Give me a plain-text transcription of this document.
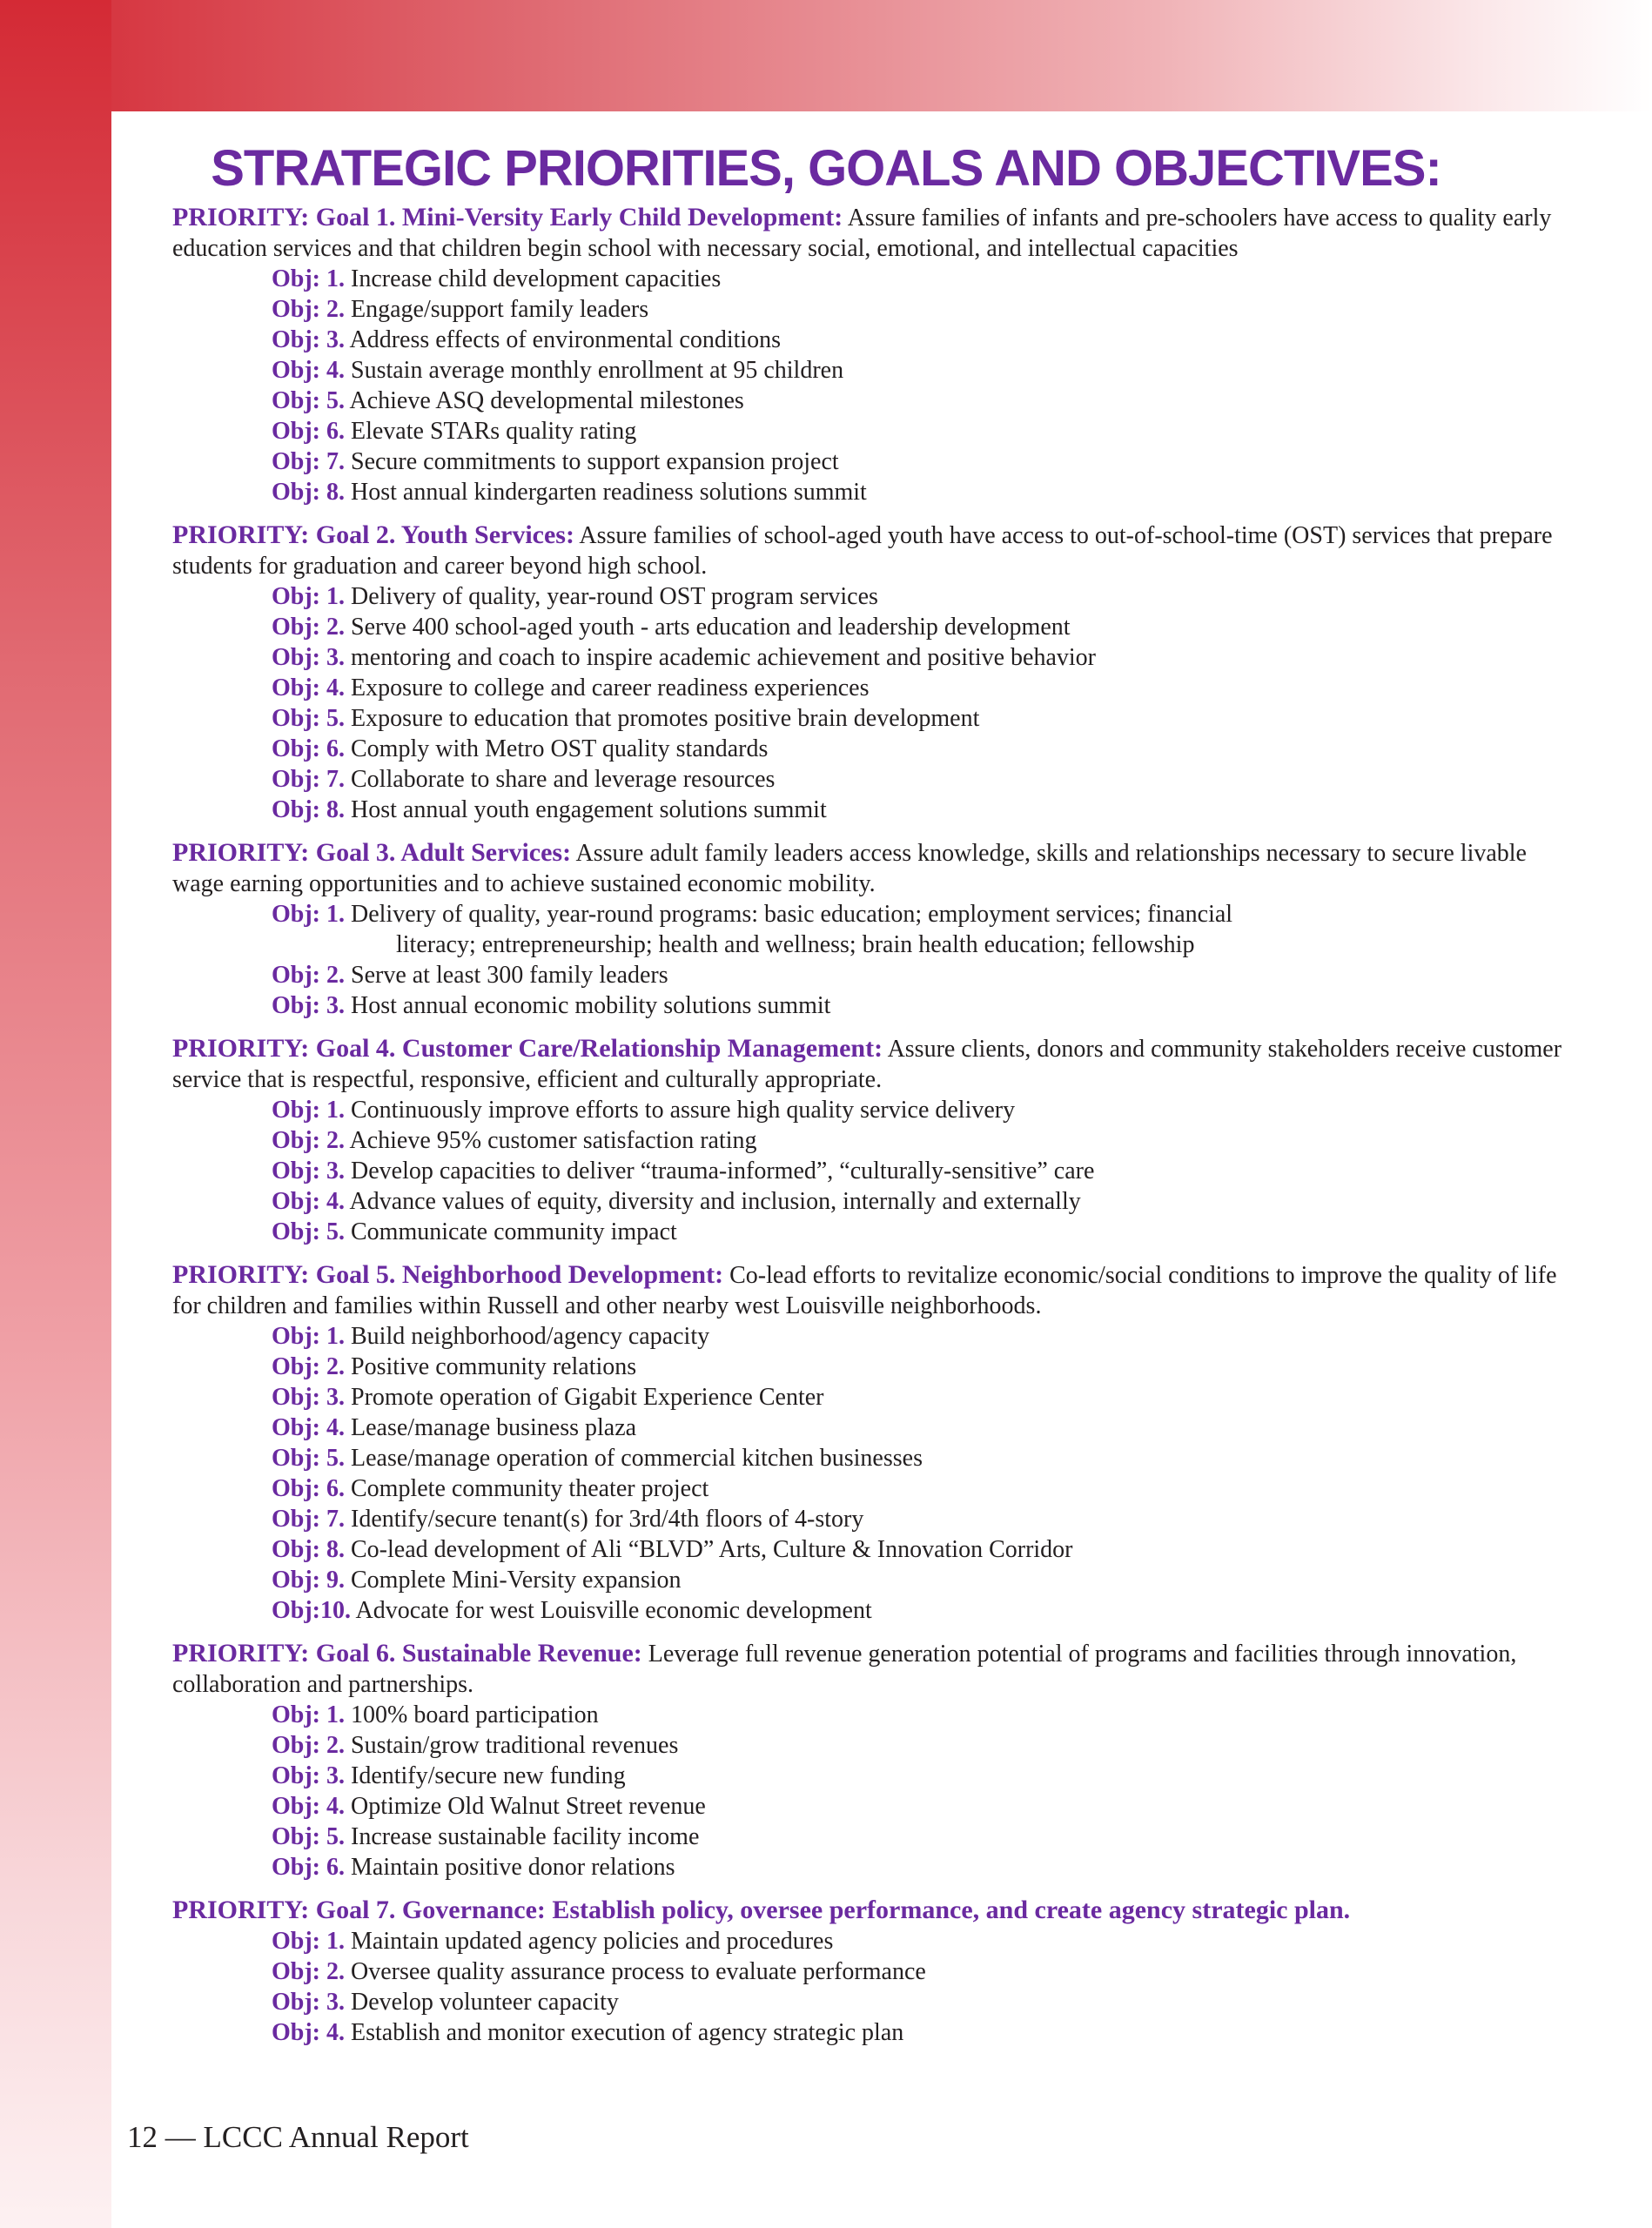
STRATEGIC PRIORITIES, GOALS AND OBJECTIVES:
PRIORITY: Goal 1. Mini-Versity Early Child Development: Assure families of infants and pre-schoolers have access to quality early education services and that children begin school with necessary social, emotional, and intellectual capacities
Obj: 1. Increase child development capacities
Obj: 2. Engage/support family leaders
Obj: 3. Address effects of environmental conditions
Obj: 4. Sustain average monthly enrollment at 95 children
Obj: 5. Achieve ASQ developmental milestones
Obj: 6. Elevate STARs quality rating
Obj: 7. Secure commitments to support expansion project
Obj: 8. Host annual kindergarten readiness solutions summit
PRIORITY: Goal 2. Youth Services: Assure families of school-aged youth have access to out-of-school-time (OST) services that prepare students for graduation and career beyond high school.
Obj: 1. Delivery of quality, year-round OST program services
Obj: 2. Serve 400 school-aged youth - arts education and leadership development
Obj: 3. mentoring and coach to inspire academic achievement and positive behavior
Obj: 4. Exposure to college and career readiness experiences
Obj: 5. Exposure to education that promotes positive brain development
Obj: 6. Comply with Metro OST quality standards
Obj: 7. Collaborate to share and leverage resources
Obj: 8. Host annual youth engagement solutions summit
PRIORITY: Goal 3. Adult Services: Assure adult family leaders access knowledge, skills and relationships necessary to secure livable wage earning opportunities and to achieve sustained economic mobility.
Obj: 1. Delivery of quality, year-round programs: basic education; employment services; financial
literacy; entrepreneurship; health and wellness; brain health education; fellowship
Obj: 2. Serve at least 300 family leaders
Obj: 3. Host annual economic mobility solutions summit
PRIORITY: Goal 4. Customer Care/Relationship Management: Assure clients, donors and community stakeholders receive customer service that is respectful, responsive, efficient and culturally appropriate.
Obj: 1. Continuously improve efforts to assure high quality service delivery
Obj: 2. Achieve 95% customer satisfaction rating
Obj: 3. Develop capacities to deliver “trauma-informed”, “culturally-sensitive” care
Obj: 4. Advance values of equity, diversity and inclusion, internally and externally
Obj: 5. Communicate community impact
PRIORITY: Goal 5. Neighborhood Development: Co-lead efforts to revitalize economic/social conditions to improve the quality of life for children and families within Russell and other nearby west Louisville neighborhoods.
Obj: 1. Build neighborhood/agency capacity
Obj: 2. Positive community relations
Obj: 3. Promote operation of Gigabit Experience Center
Obj: 4. Lease/manage business plaza
Obj: 5. Lease/manage operation of commercial kitchen businesses
Obj: 6. Complete community theater project
Obj: 7. Identify/secure tenant(s) for 3rd/4th floors of 4-story
Obj: 8. Co-lead development of Ali “BLVD” Arts, Culture & Innovation Corridor
Obj: 9. Complete Mini-Versity expansion
Obj:10. Advocate for west Louisville economic development
PRIORITY: Goal 6. Sustainable Revenue: Leverage full revenue generation potential of programs and facilities through innovation, collaboration and partnerships.
Obj: 1. 100% board participation
Obj: 2. Sustain/grow traditional revenues
Obj: 3. Identify/secure new funding
Obj: 4. Optimize Old Walnut Street revenue
Obj: 5. Increase sustainable facility income
Obj: 6. Maintain positive donor relations
PRIORITY: Goal 7. Governance: Establish policy, oversee performance, and create agency strategic plan.
Obj: 1. Maintain updated agency policies and procedures
Obj: 2. Oversee quality assurance process to evaluate performance
Obj: 3. Develop volunteer capacity
Obj: 4. Establish and monitor execution of agency strategic plan
12 — LCCC Annual Report
